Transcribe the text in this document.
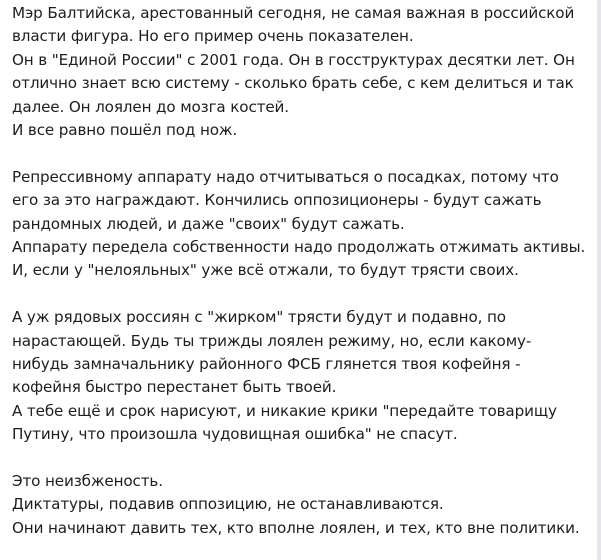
Мэр Балтийска, арестованный сегодня, не самая важная в российской
власти фигура. Но его пример очень показателен.
Он в "Единой России" с 2001 года. Он в госструктурах десятки лет. Он
отлично знает всю систему - сколько брать себе, с кем делиться и так
далее. Он лоялен до мозга костей.
И все равно пошёл под нож.
Репрессивному аппарату надо отчитываться о посадках, потому что
его за это награждают. Кончились оппозиционеры - будут сажать
рандомных людей, и даже "своих" будут сажать.
Аппарату передела собственности надо продолжать отжимать активы.
И, если у "нелояльных" уже всё отжали, то будут трясти своих.
А уж рядовых россиян с "жирком" трясти будут и подавно, по
нарастающей. Будь ты трижды лоялен режиму, но, если какому-
нибудь замначальнику районного ФСБ глянется твоя кофейня -
кофейня быстро перестанет быть твоей.
А тебе ещё и срок нарисуют, и никакие крики "передайте товарищу
Путину, что произошла чудовищная ошибка" не спасут.
Это неизбженость.
Диктатуры, подавив оппозицию, не останавливаются.
Они начинают давить тех, кто вполне лоялен, и тех, кто вне политики.
